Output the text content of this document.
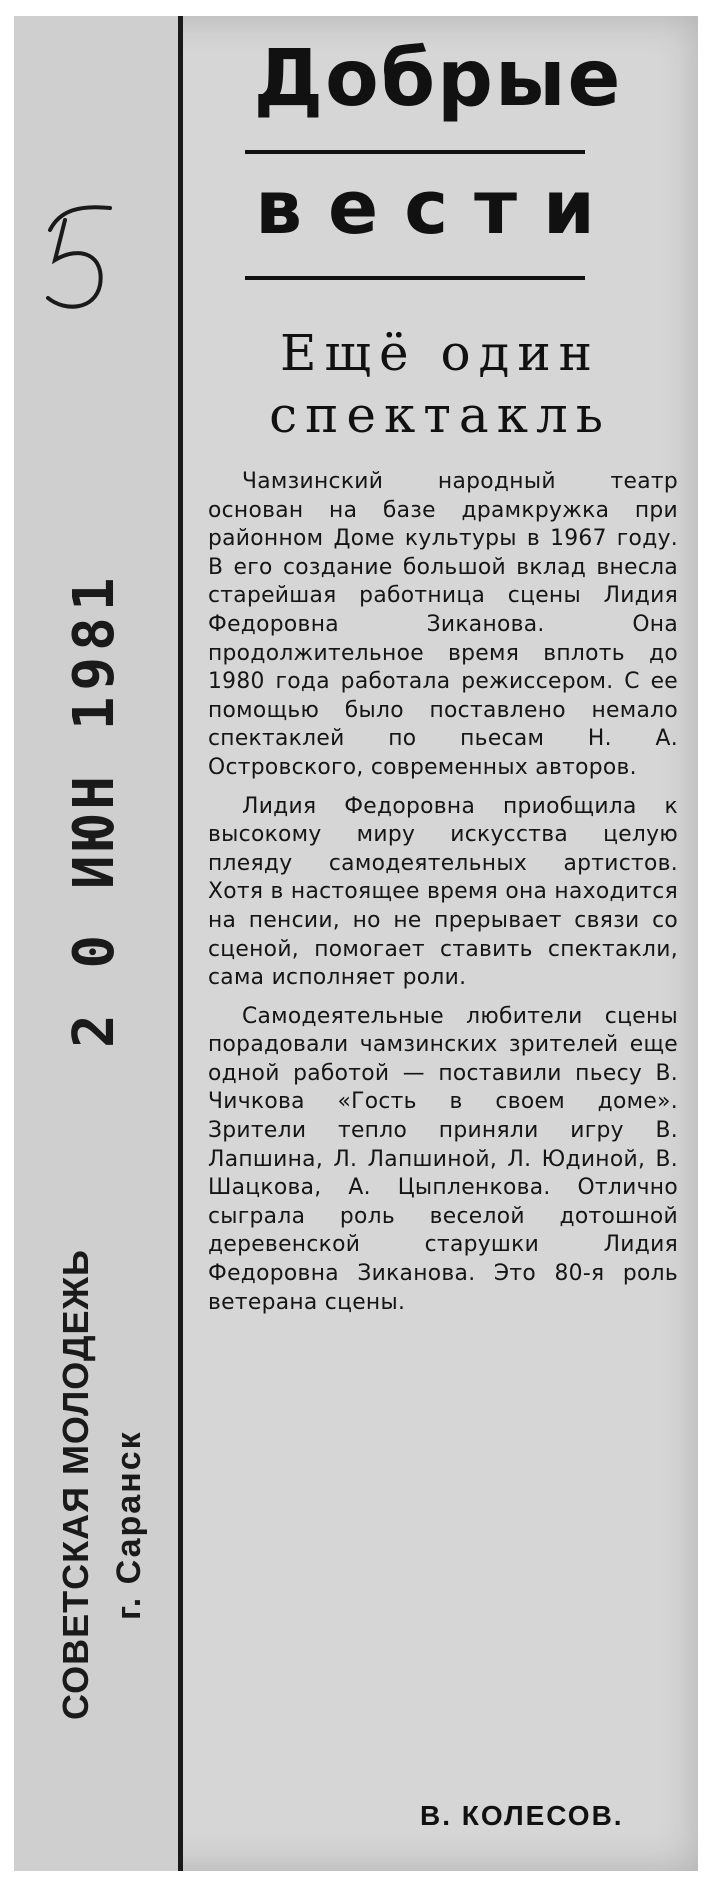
2 0 ИЮН 1981
СОВЕТСКАЯ МОЛОДЕЖЬ г. Саранск
Добрые
вести
Ещё один
спектакль

Чамзинский народный театр основан на базе драмкружка при районном Доме культуры в 1967 году. В его создание большой вклад внесла старейшая работница сцены Лидия Федоровна Зиканова. Она продолжительное время вплоть до 1980 года работала режиссером. С ее помощью было поставлено немало спектаклей по пьесам Н. А. Островского, современных авторов.

Лидия Федоровна приобщила к высокому миру искусства целую плеяду самодеятельных артистов. Хотя в настоящее время она находится на пенсии, но не прерывает связи со сценой, помогает ставить спектакли, сама исполняет роли.

Самодеятельные любители сцены порадовали чамзинских зрителей еще одной работой — поставили пьесу В. Чичкова «Гость в своем доме». Зрители тепло приняли игру В. Лапшина, Л. Лапшиной, Л. Юдиной, В. Шацкова, А. Цыпленкова. Отлично сыграла роль веселой дотошной деревенской старушки Лидия Федоровна Зиканова. Это 80-я роль ветерана сцены.

В. КОЛЕСОВ.
